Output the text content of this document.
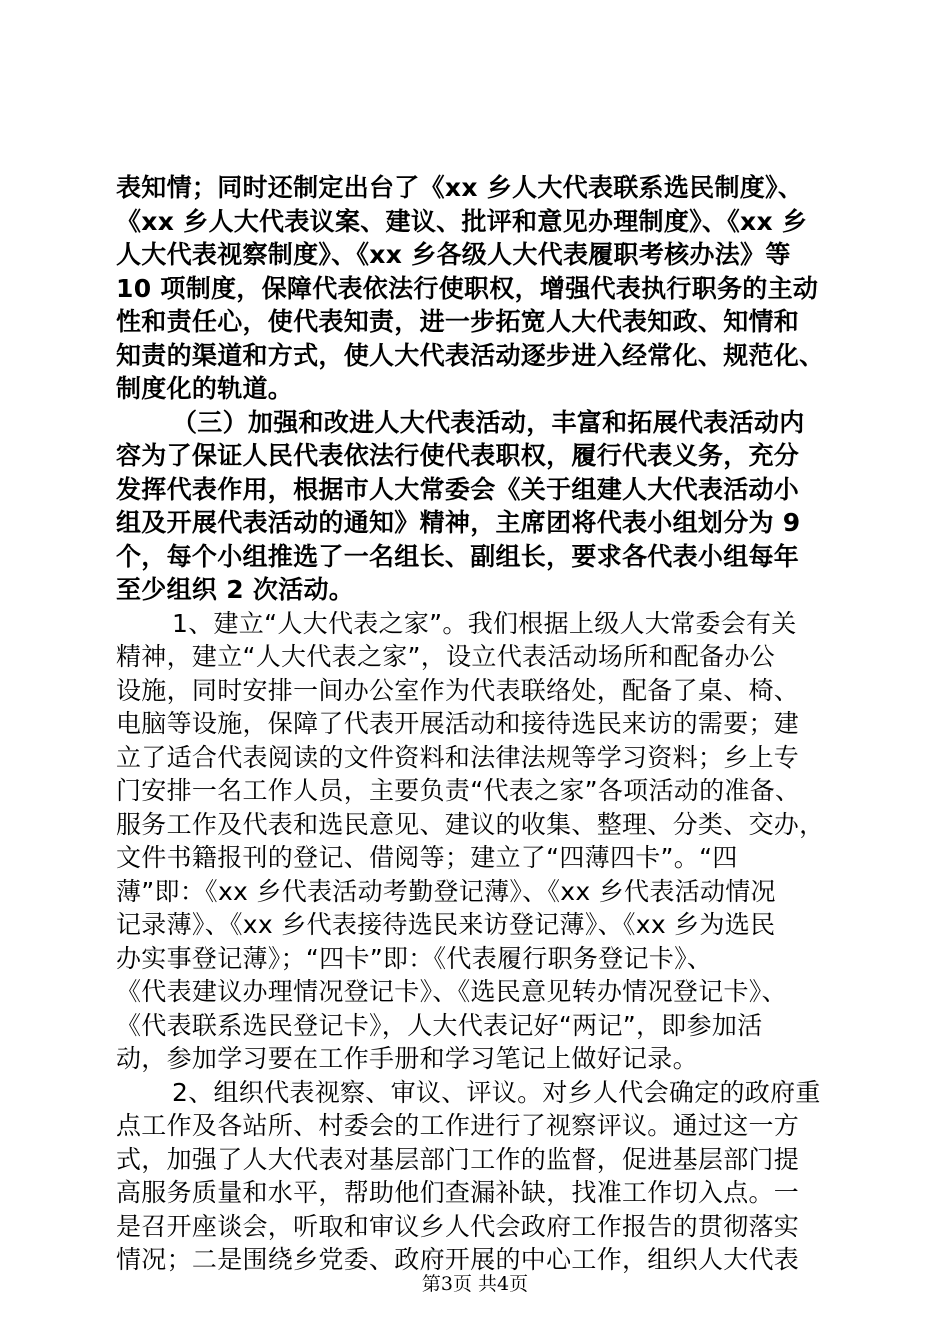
表知情；同时还制定出台了《xx 乡人大代表联系选民制度》、
《xx 乡人大代表议案、建议、批评和意见办理制度》、《xx 乡
人大代表视察制度》、《xx 乡各级人大代表履职考核办法》等
10 项制度，保障代表依法行使职权，增强代表执行职务的主动
性和责任心，使代表知责，进一步拓宽人大代表知政、知情和
知责的渠道和方式，使人大代表活动逐步进入经常化、规范化、
制度化的轨道。
（三）加强和改进人大代表活动，丰富和拓展代表活动内
容为了保证人民代表依法行使代表职权，履行代表义务，充分
发挥代表作用，根据市人大常委会《关于组建人大代表活动小
组及开展代表活动的通知》精神，主席团将代表小组划分为 9
个，每个小组推选了一名组长、副组长，要求各代表小组每年
至少组织 2 次活动。
1、建立“人大代表之家”。我们根据上级人大常委会有关
精神，建立“人大代表之家”，设立代表活动场所和配备办公
设施，同时安排一间办公室作为代表联络处，配备了桌、椅、
电脑等设施，保障了代表开展活动和接待选民来访的需要；建
立了适合代表阅读的文件资料和法律法规等学习资料；乡上专
门安排一名工作人员，主要负责“代表之家”各项活动的准备、
服务工作及代表和选民意见、建议的收集、整理、分类、交办，
文件书籍报刊的登记、借阅等；建立了“四薄四卡”。“四
薄”即：《xx 乡代表活动考勤登记薄》、《xx 乡代表活动情况
记录薄》、《xx 乡代表接待选民来访登记薄》、《xx 乡为选民
办实事登记薄》；“四卡”即：《代表履行职务登记卡》、
《代表建议办理情况登记卡》、《选民意见转办情况登记卡》、
《代表联系选民登记卡》，人大代表记好“两记”，即参加活
动，参加学习要在工作手册和学习笔记上做好记录。
2、组织代表视察、审议、评议。对乡人代会确定的政府重
点工作及各站所、村委会的工作进行了视察评议。通过这一方
式，加强了人大代表对基层部门工作的监督，促进基层部门提
高服务质量和水平，帮助他们查漏补缺，找准工作切入点。一
是召开座谈会，听取和审议乡人代会政府工作报告的贯彻落实
情况；二是围绕乡党委、政府开展的中心工作，组织人大代表
第3页 共4页
